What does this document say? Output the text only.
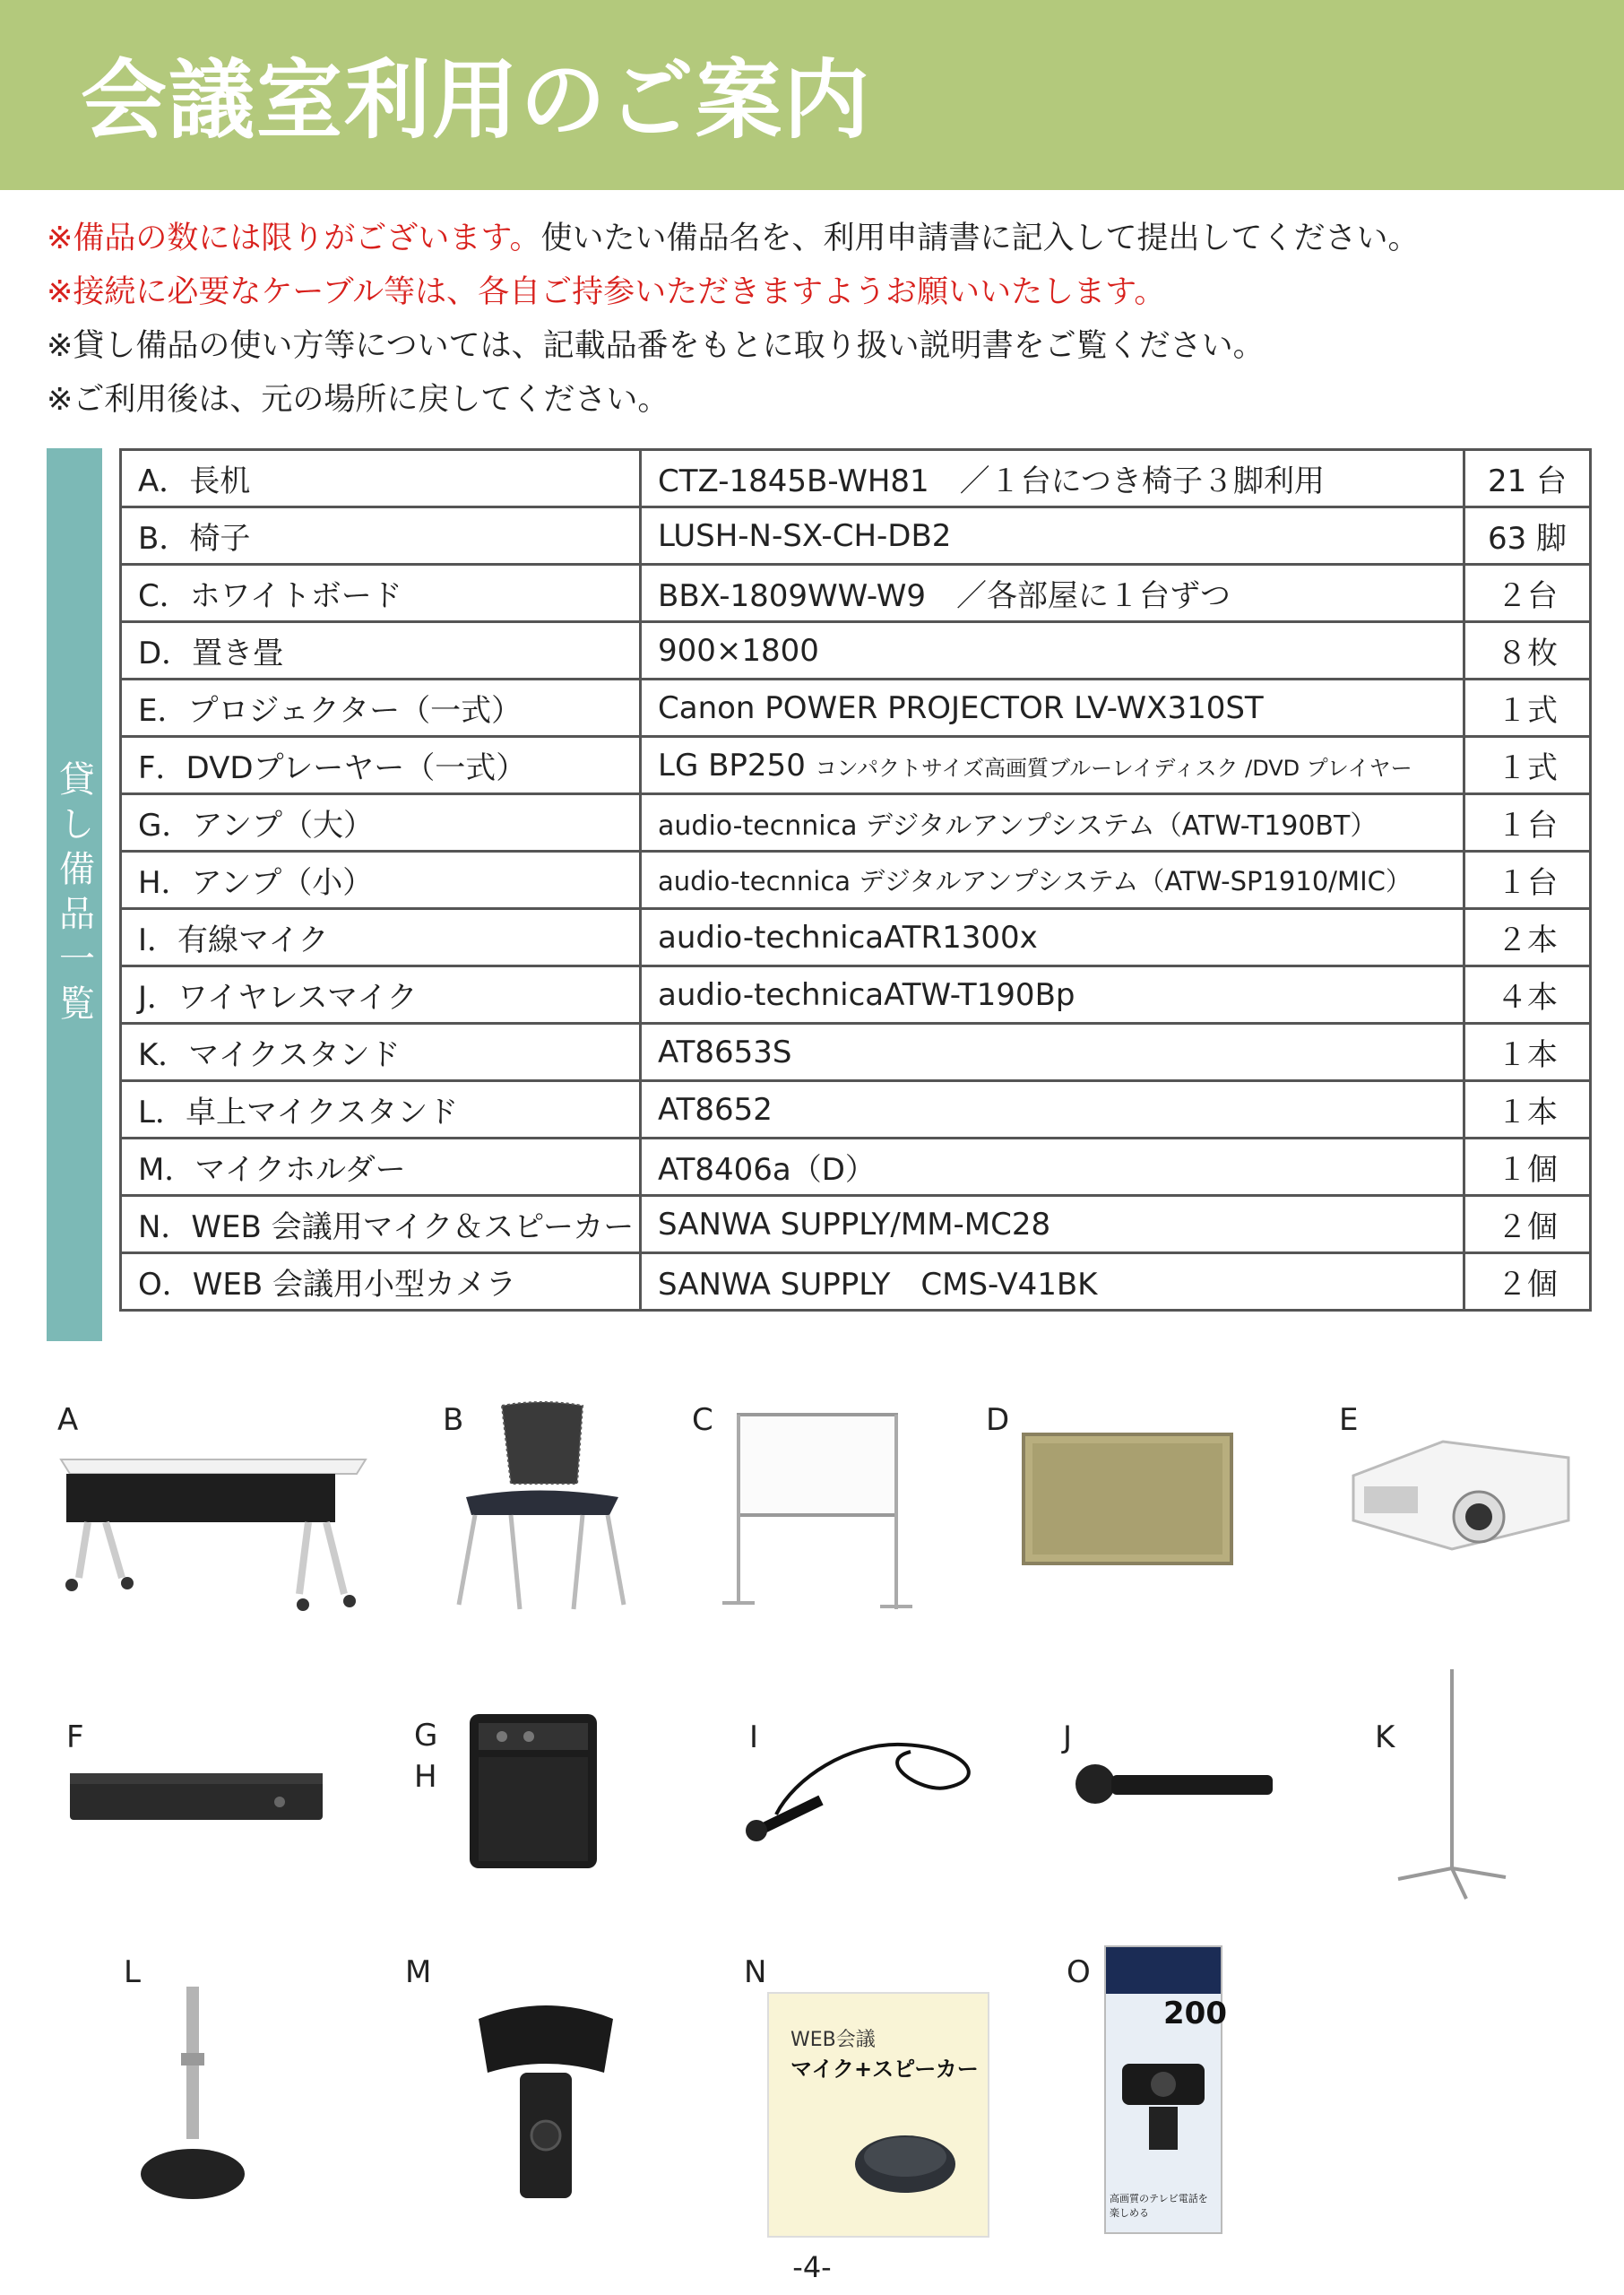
会議室利用のご案内
※備品の数には限りがございます。使いたい備品名を、利用申請書に記入して提出してください。
※接続に必要なケーブル等は、各自ご持参いただきますようお願いいたします。
※貸し備品の使い方等については、記載品番をもとに取り扱い説明書をご覧ください。
※ご利用後は、元の場所に戻してください。
貸し備品一覧
A．長机	CTZ-1845B-WH81　／１台につき椅子３脚利用	21 台
B．椅子	LUSH-N-SX-CH-DB2	63 脚
C．ホワイトボード	BBX-1809WW-W9　／各部屋に１台ずつ	２台
D．置き畳	900×1800	８枚
E．プロジェクター（一式）	Canon POWER PROJECTOR LV-WX310ST	１式
F．DVDプレーヤー（一式）	LG BP250 コンパクトサイズ高画質ブルーレイディスク /DVD プレイヤー	１式
G．アンプ（大）	audio-tecnnica デジタルアンプシステム（ATW-T190BT）	１台
H．アンプ（小）	audio-tecnnica デジタルアンプシステム（ATW-SP1910/MIC）	１台
I．有線マイク	audio-technicaATR1300x	２本
J．ワイヤレスマイク	audio-technicaATW-T190Bp	４本
K．マイクスタンド	AT8653S	１本
L．卓上マイクスタンド	AT8652	１本
M．マイクホルダー	AT8406a（D）	１個
N．WEB 会議用マイク＆スピーカー	SANWA SUPPLY/MM-MC28	２個
O．WEB 会議用小型カメラ	SANWA SUPPLY　CMS-V41BK	２個
A	B	C	D	E
F	G
H
I	J	K
L	M	N
WEB会議
マイク+スピーカー
O
200
高画質のテレビ電話を楽しめる
-4-
